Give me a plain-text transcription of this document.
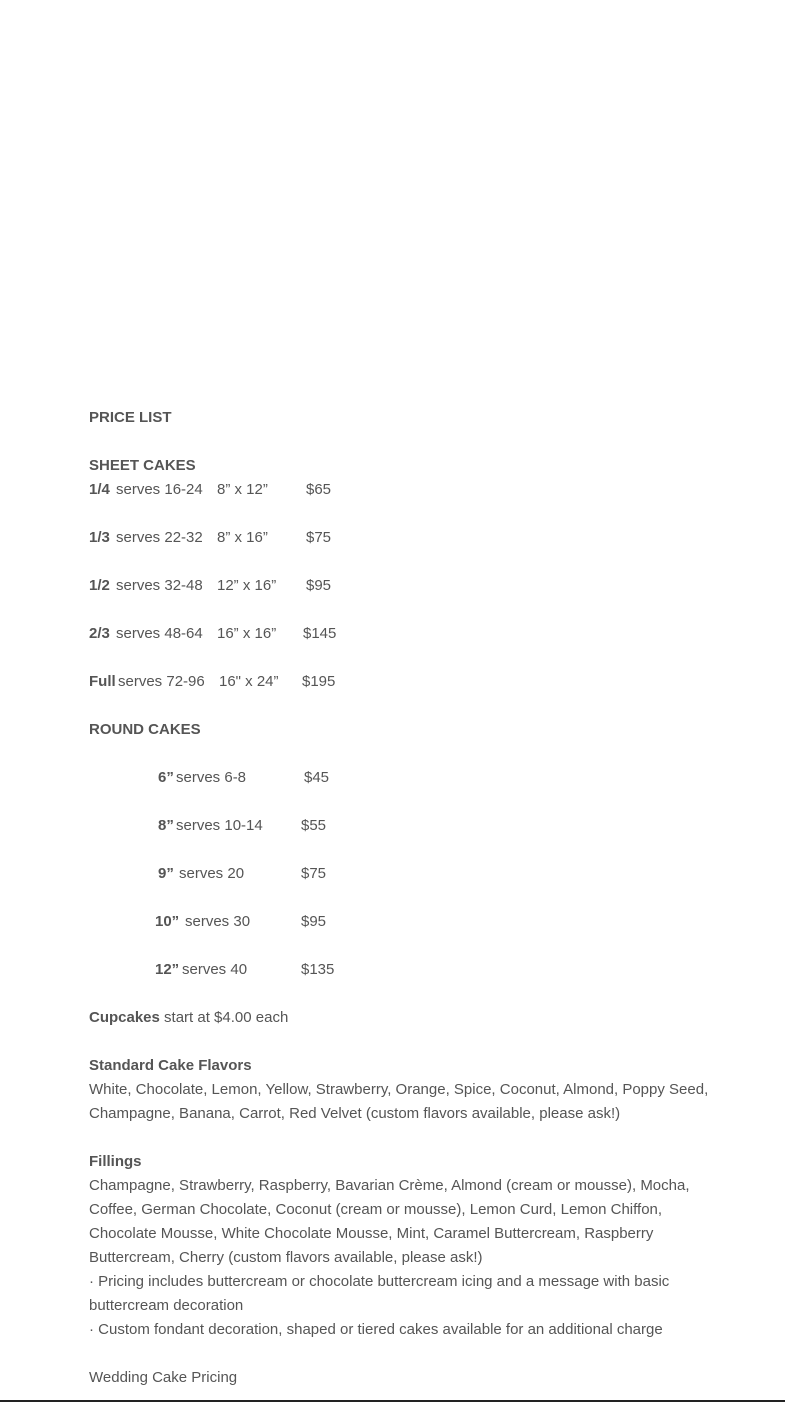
PRICE LIST
SHEET CAKES
1/4 serves 16-24 8” x 12”	$65
1/3 serves 22-32 8” x 16”	$75
1/2 serves 32-48 12” x 16” $95
2/3 serves 48-64 16” x 16” $145
Full serves 72-96 16" x 24” $195
ROUND CAKES
6” serves 6-8	$45
8” serves 10-14	$55
9” serves 20	$75
10” serves 30	$95
12” serves 40	$135
Cupcakes start at $4.00 each
Standard Cake Flavors
White, Chocolate, Lemon, Yellow, Strawberry, Orange, Spice, Coconut, Almond, Poppy Seed, Champagne, Banana, Carrot, Red Velvet (custom flavors available, please ask!)
Fillings
Champagne, Strawberry, Raspberry, Bavarian Crème, Almond (cream or mousse), Mocha, Coffee, German Chocolate, Coconut (cream or mousse), Lemon Curd, Lemon Chiffon, Chocolate Mousse, White Chocolate Mousse, Mint, Caramel Buttercream, Raspberry Buttercream, Cherry (custom flavors available, please ask!)
· Pricing includes buttercream or chocolate buttercream icing and a message with basic buttercream decoration
· Custom fondant decoration, shaped or tiered cakes available for an additional charge
Wedding Cake Pricing
